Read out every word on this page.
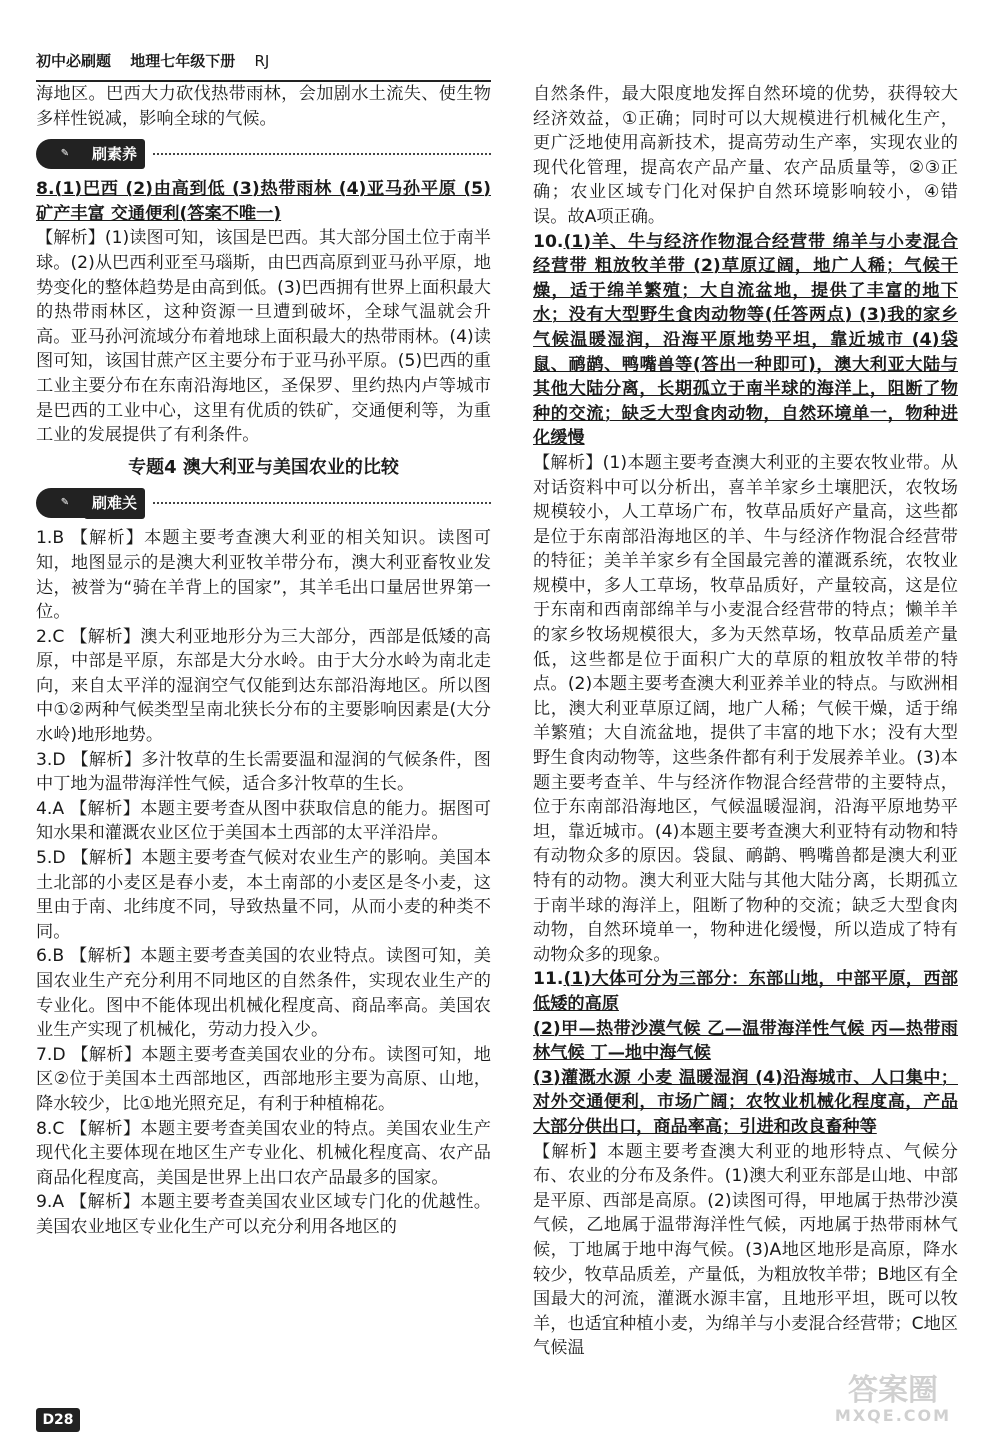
初中必刷题 地理七年级下册 RJ

海地区。巴西大力砍伐热带雨林，会加剧水土流失、使生物多样性锐减，影响全球的气候。

✎	刷素养

8.(1)巴西 (2)由高到低 (3)热带雨林 (4)亚马孙平原 (5)矿产丰富 交通便利(答案不唯一)

【解析】(1)读图可知，该国是巴西。其大部分国土位于南半球。(2)从巴西利亚至马瑙斯，由巴西高原到亚马孙平原，地势变化的整体趋势是由高到低。(3)巴西拥有世界上面积最大的热带雨林区，这种资源一旦遭到破坏，全球气温就会升高。亚马孙河流域分布着地球上面积最大的热带雨林。(4)读图可知，该国甘蔗产区主要分布于亚马孙平原。(5)巴西的重工业主要分布在东南沿海地区，圣保罗、里约热内卢等城市是巴西的工业中心，这里有优质的铁矿，交通便利等，为重工业的发展提供了有利条件。

专题4 澳大利亚与美国农业的比较
✎	刷难关

1.B 【解析】本题主要考查澳大利亚的相关知识。读图可知，地图显示的是澳大利亚牧羊带分布，澳大利亚畜牧业发达，被誉为“骑在羊背上的国家”，其羊毛出口量居世界第一位。

2.C 【解析】澳大利亚地形分为三大部分，西部是低矮的高原，中部是平原，东部是大分水岭。由于大分水岭为南北走向，来自太平洋的湿润空气仅能到达东部沿海地区。所以图中①②两种气候类型呈南北狭长分布的主要影响因素是(大分水岭)地形地势。

3.D 【解析】多汁牧草的生长需要温和湿润的气候条件，图中丁地为温带海洋性气候，适合多汁牧草的生长。

4.A 【解析】本题主要考查从图中获取信息的能力。据图可知水果和灌溉农业区位于美国本土西部的太平洋沿岸。

5.D 【解析】本题主要考查气候对农业生产的影响。美国本土北部的小麦区是春小麦，本土南部的小麦区是冬小麦，这里由于南、北纬度不同，导致热量不同，从而小麦的种类不同。

6.B 【解析】本题主要考查美国的农业特点。读图可知，美国农业生产充分利用不同地区的自然条件，实现农业生产的专业化。图中不能体现出机械化程度高、商品率高。美国农业生产实现了机械化，劳动力投入少。

7.D 【解析】本题主要考查美国农业的分布。读图可知，地区②位于美国本土西部地区，西部地形主要为高原、山地，降水较少，比①地光照充足，有利于种植棉花。

8.C 【解析】本题主要考查美国农业的特点。美国农业生产现代化主要体现在地区生产专业化、机械化程度高、农产品商品化程度高，美国是世界上出口农产品最多的国家。

9.A 【解析】本题主要考查美国农业区域专门化的优越性。美国农业地区专业化生产可以充分利用各地区的

自然条件，最大限度地发挥自然环境的优势，获得较大经济效益，①正确；同时可以大规模进行机械化生产，更广泛地使用高新技术，提高劳动生产率，实现农业的现代化管理，提高农产品产量、农产品质量等，②③正确；农业区域专门化对保护自然环境影响较小，④错误。故A项正确。

10.(1)羊、牛与经济作物混合经营带 绵羊与小麦混合经营带 粗放牧羊带 (2)草原辽阔，地广人稀；气候干燥，适于绵羊繁殖；大自流盆地，提供了丰富的地下水；没有大型野生食肉动物等(任答两点) (3)我的家乡气候温暖湿润，沿海平原地势平坦，靠近城市 (4)袋鼠、鸸鹋、鸭嘴兽等(答出一种即可)，澳大利亚大陆与其他大陆分离，长期孤立于南半球的海洋上，阻断了物种的交流；缺乏大型食肉动物，自然环境单一，物种进化缓慢

【解析】(1)本题主要考查澳大利亚的主要农牧业带。从对话资料中可以分析出，喜羊羊家乡土壤肥沃，农牧场规模较小，人工草场广布，牧草品质好产量高，这些都是位于东南部沿海地区的羊、牛与经济作物混合经营带的特征；美羊羊家乡有全国最完善的灌溉系统，农牧业规模中，多人工草场，牧草品质好，产量较高，这是位于东南和西南部绵羊与小麦混合经营带的特点；懒羊羊的家乡牧场规模很大，多为天然草场，牧草品质差产量低，这些都是位于面积广大的草原的粗放牧羊带的特点。(2)本题主要考查澳大利亚养羊业的特点。与欧洲相比，澳大利亚草原辽阔，地广人稀；气候干燥，适于绵羊繁殖；大自流盆地，提供了丰富的地下水；没有大型野生食肉动物等，这些条件都有利于发展养羊业。(3)本题主要考查羊、牛与经济作物混合经营带的主要特点，位于东南部沿海地区，气候温暖湿润，沿海平原地势平坦，靠近城市。(4)本题主要考查澳大利亚特有动物和特有动物众多的原因。袋鼠、鸸鹋、鸭嘴兽都是澳大利亚特有的动物。澳大利亚大陆与其他大陆分离，长期孤立于南半球的海洋上，阻断了物种的交流；缺乏大型食肉动物，自然环境单一，物种进化缓慢，所以造成了特有动物众多的现象。

11.(1)大体可分为三部分：东部山地，中部平原，西部低矮的高原

(2)甲—热带沙漠气候 乙—温带海洋性气候 丙—热带雨林气候 丁—地中海气候

(3)灌溉水源 小麦 温暖湿润 (4)沿海城市、人口集中；对外交通便利，市场广阔；农牧业机械化程度高，产品大部分供出口，商品率高；引进和改良畜种等

【解析】本题主要考查澳大利亚的地形特点、气候分布、农业的分布及条件。(1)澳大利亚东部是山地、中部是平原、西部是高原。(2)读图可得，甲地属于热带沙漠气候，乙地属于温带海洋性气候，丙地属于热带雨林气候，丁地属于地中海气候。(3)A地区地形是高原，降水较少，牧草品质差，产量低，为粗放牧羊带；B地区有全国最大的河流，灌溉水源丰富，且地形平坦，既可以牧羊，也适宜种植小麦，为绵羊与小麦混合经营带；C地区气候温

D28
答案圈
MXQE.COM
